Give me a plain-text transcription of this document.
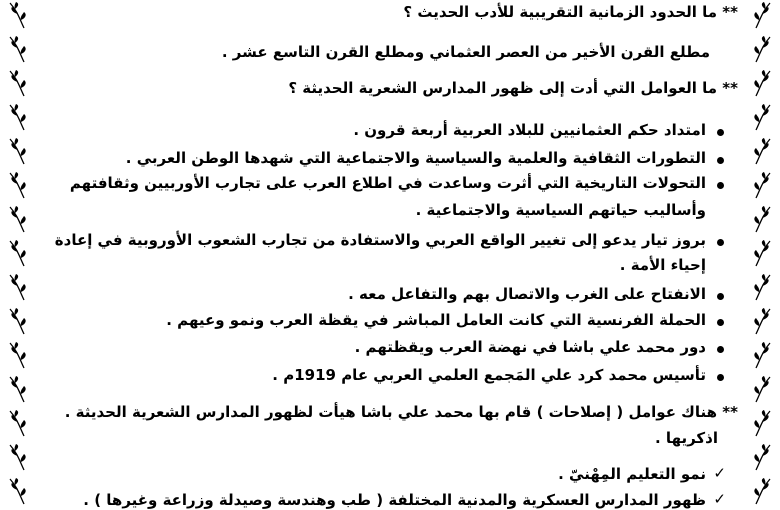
** ما الحدود الزمانية التقريبية للأدب الحديث ؟
مطلع القرن الأخير من العصر العثماني ومطلع القرن التاسع عشر .
** ما العوامل التي أدت إلى ظهور المدارس الشعرية الحديثة ؟
امتداد حكم العثمانيين للبلاد العربية أربعة قرون .
التطورات الثقافية والعلمية والسياسية والاجتماعية التي شهدها الوطن العربي .
التحولات التاريخية التي أثرت وساعدت في اطلاع العرب على تجارب الأوربيين وثقافتهم
وأساليب حياتهم السياسية والاجتماعية .
بروز تيار يدعو إلى تغيير الواقع العربي والاستفادة من تجارب الشعوب الأوروبية في إعادة
إحياء الأمة .
الانفتاح على الغرب والاتصال بهم والتفاعل معه .
الحملة الفرنسية التي كانت العامل المباشر في يقظة العرب ونمو وعيهم .
دور محمد علي باشا في نهضة العرب ويقظتهم .
تأسيس محمد كرد علي المَجمع العلمي العربي عام 1919م .
** هناك عوامل ( إصلاحات ) قام بها محمد علي باشا هيأت لظهور المدارس الشعرية الحديثة .
اذكريها .
✓
نمو التعليم المِهْنيّ .
✓
ظهور المدارس العسكرية والمدنية المختلفة ( طب وهندسة وصيدلة وزراعة وغيرها ) .
